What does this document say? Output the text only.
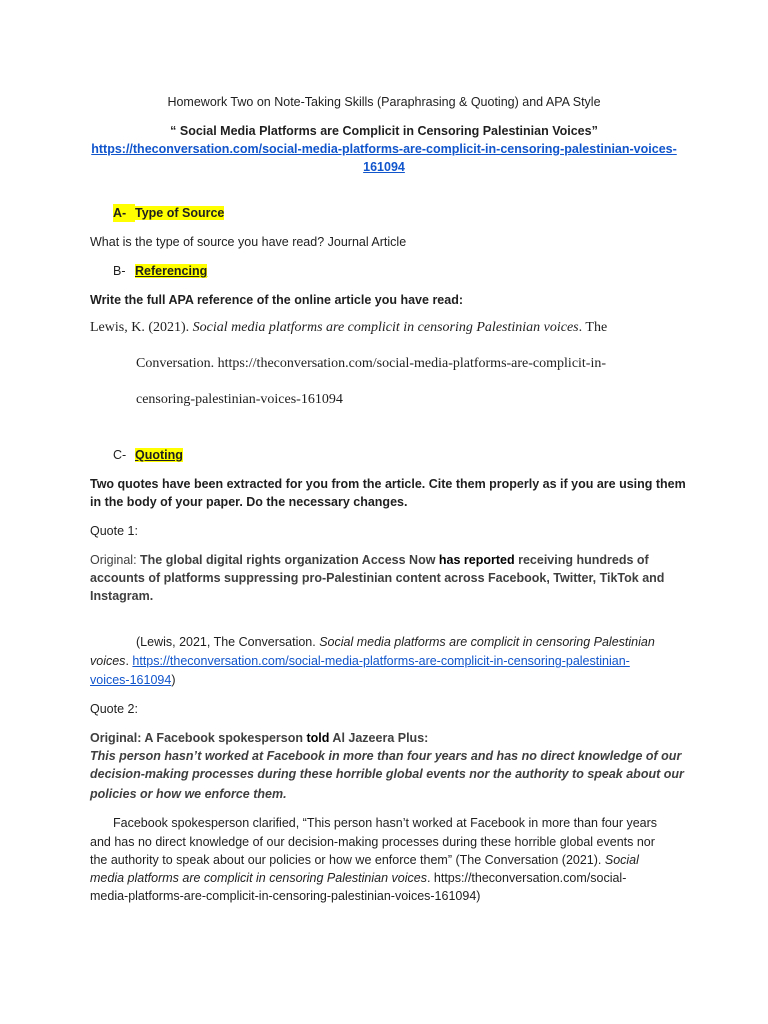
Homework Two on Note-Taking Skills (Paraphrasing & Quoting) and APA Style
“ Social Media Platforms are Complicit in Censoring Palestinian Voices”
https://theconversation.com/social-media-platforms-are-complicit-in-censoring-palestinian-voices-
161094
A- Type of Source
What is the type of source you have read? Journal Article
B- Referencing
Write the full APA reference of the online article you have read:
Lewis, K. (2021). Social media platforms are complicit in censoring Palestinian voices. The
Conversation. https://theconversation.com/social-media-platforms-are-complicit-in-
censoring-palestinian-voices-161094
C- Quoting
Two quotes have been extracted for you from the article. Cite them properly as if you are using them
in the body of your paper. Do the necessary changes.
Quote 1:
Original: The global digital rights organization Access Now has reported receiving hundreds of
accounts of platforms suppressing pro-Palestinian content across Facebook, Twitter, TikTok and
Instagram.
(Lewis, 2021, The Conversation. Social media platforms are complicit in censoring Palestinian
voices. https://theconversation.com/social-media-platforms-are-complicit-in-censoring-palestinian-
voices-161094)
Quote 2:
Original: A Facebook spokesperson told Al Jazeera Plus:
This person hasn’t worked at Facebook in more than four years and has no direct knowledge of our
decision-making processes during these horrible global events nor the authority to speak about our
policies or how we enforce them.
Facebook spokesperson clarified, “This person hasn’t worked at Facebook in more than four years
and has no direct knowledge of our decision-making processes during these horrible global events nor
the authority to speak about our policies or how we enforce them” (The Conversation (2021). Social
media platforms are complicit in censoring Palestinian voices. https://theconversation.com/social-
media-platforms-are-complicit-in-censoring-palestinian-voices-161094)
